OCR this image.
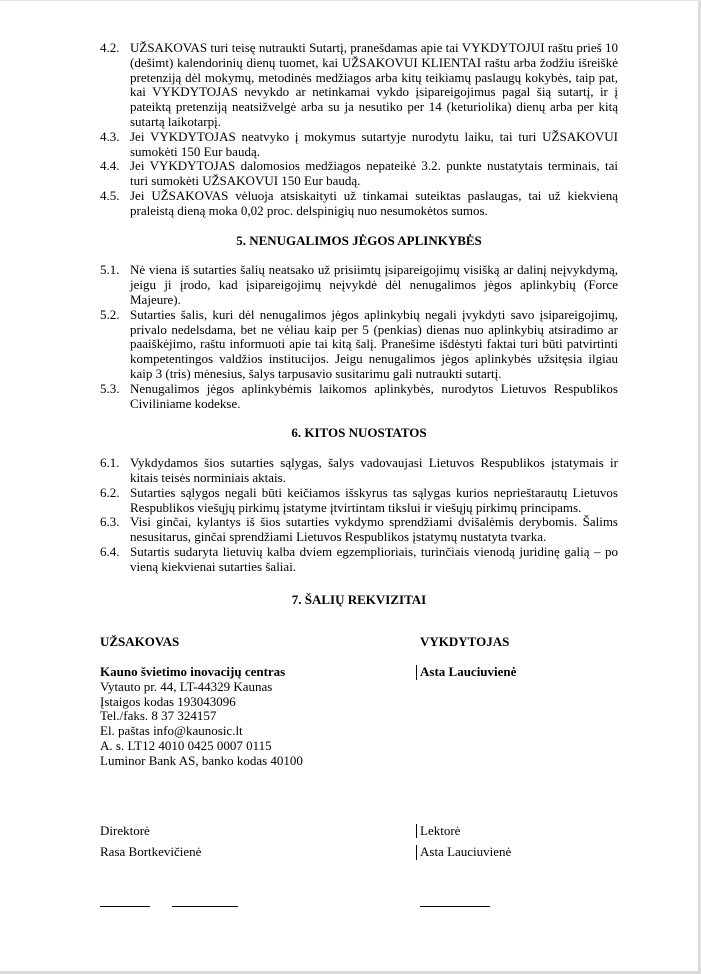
4.2. UŽSAKOVAS turi teisę nutraukti Sutartį, pranešdamas apie tai VYKDYTOJUI raštu prieš 10 (dešimt) kalendorinių dienų tuomet, kai UŽSAKOVUI KLIENTAI raštu arba žodžiu išreiškė pretenziją dėl mokymų, metodinės medžiagos arba kitų teikiamų paslaugų kokybės, taip pat, kai VYKDYTOJAS nevykdo ar netinkamai vykdo įsipareigojimus pagal šią sutartį, ir į pateiktą pretenziją neatsižvelgė arba su ja nesutiko per 14 (keturiolika) dienų arba per kitą sutartą laikotarpį.
4.3. Jei VYKDYTOJAS neatvyko į mokymus sutartyje nurodytu laiku, tai turi UŽSAKOVUI sumokėti 150 Eur baudą.
4.4. Jei VYKDYTOJAS dalomosios medžiagos nepateikė 3.2. punkte nustatytais terminais, tai turi sumokėti UŽSAKOVUI 150 Eur baudą.
4.5. Jei UŽSAKOVAS vėluoja atsiskaityti už tinkamai suteiktas paslaugas, tai už kiekvieną praleistą dieną moka 0,02 proc. delspinigių nuo nesumokėtos sumos.
5. NENUGALIMOS JĖGOS APLINKYBĖS
5.1. Nė viena iš sutarties šalių neatsako už prisiimtų įsipareigojimų visišką ar dalinį neįvykdymą, jeigu ji įrodo, kad įsipareigojimų neįvykdė dėl nenugalimos jėgos aplinkybių (Force Majeure).
5.2. Sutarties šalis, kuri dėl nenugalimos jėgos aplinkybių negali įvykdyti savo įsipareigojimų, privalo nedelsdama, bet ne vėliau kaip per 5 (penkias) dienas nuo aplinkybių atsiradimo ar paaiškėjimo, raštu informuoti apie tai kitą šalį. Pranešime išdėstyti faktai turi būti patvirtinti kompetentingos valdžios institucijos. Jeigu nenugalimos jėgos aplinkybės užsitęsia ilgiau kaip 3 (tris) mėnesius, šalys tarpusavio susitarimu gali nutraukti sutartį.
5.3. Nenugalimos jėgos aplinkybėmis laikomos aplinkybės, nurodytos Lietuvos Respublikos Civiliniame kodekse.
6. KITOS NUOSTATOS
6.1. Vykdydamos šios sutarties sąlygas, šalys vadovaujasi Lietuvos Respublikos įstatymais ir kitais teisės norminiais aktais.
6.2. Sutarties sąlygos negali būti keičiamos išskyrus tas sąlygas kurios neprieštarautų Lietuvos Respublikos viešųjų pirkimų įstatyme įtvirtintam tikslui ir viešųjų pirkimų principams.
6.3. Visi ginčai, kylantys iš šios sutarties vykdymo sprendžiami dvišalėmis derybomis. Šalims nesusitarus, ginčai sprendžiami Lietuvos Respublikos įstatymų nustatyta tvarka.
6.4. Sutartis sudaryta lietuvių kalba dviem egzemplioriais, turinčiais vienodą juridinę galią – po vieną kiekvienai sutarties šaliai.
7. ŠALIŲ REKVIZITAI
UŽSAKOVAS
Kauno švietimo inovacijų centras
Vytauto pr. 44, LT-44329 Kaunas
Įstaigos kodas 193043096
Tel./faks. 8 37 324157
El. paštas info@kaunosic.lt
A. s. LT12 4010 0425 0007 0115
Luminor Bank AS, banko kodas 40100
VYKDYTOJAS
Asta Lauciuvienė
Direktorė
Rasa Bortkevičienė
Lektorė
Asta Lauciuvienė
